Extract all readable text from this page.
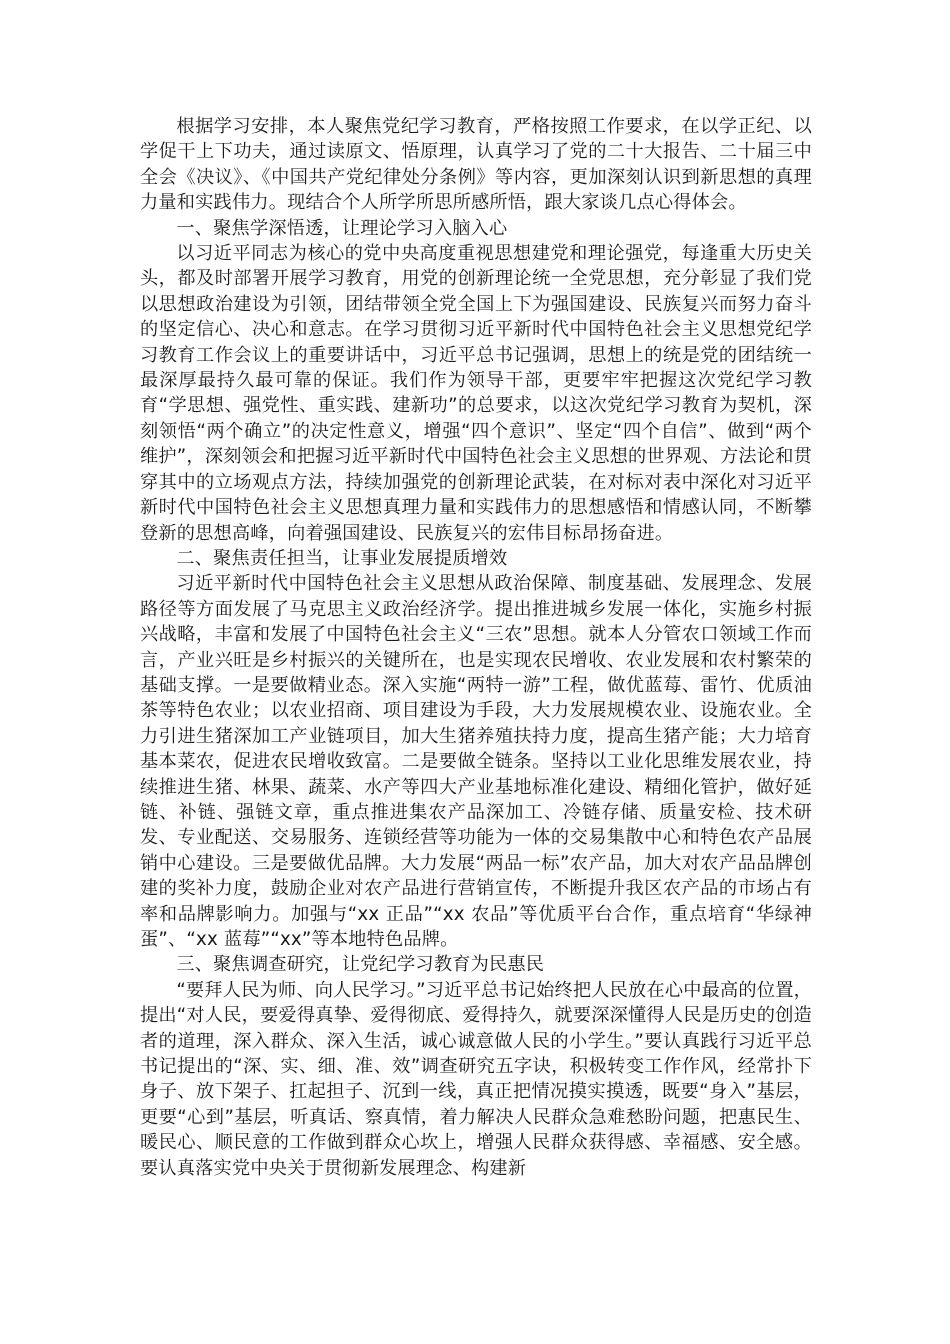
根据学习安排，本人聚焦党纪学习教育，严格按照工作要求，在以学正纪、以学促干上下功夫，通过读原文、悟原理，认真学习了党的二十大报告、二十届三中全会《决议》、《中国共产党纪律处分条例》等内容，更加深刻认识到新思想的真理力量和实践伟力。现结合个人所学所思所感所悟，跟大家谈几点心得体会。

一、聚焦学深悟透，让理论学习入脑入心

以习近平同志为核心的党中央高度重视思想建党和理论强党，每逢重大历史关头，都及时部署开展学习教育，用党的创新理论统一全党思想，充分彰显了我们党以思想政治建设为引领，团结带领全党全国上下为强国建设、民族复兴而努力奋斗的坚定信心、决心和意志。在学习贯彻习近平新时代中国特色社会主义思想党纪学习教育工作会议上的重要讲话中，习近平总书记强调，思想上的统是党的团结统一最深厚最持久最可靠的保证。我们作为领导干部，更要牢牢把握这次党纪学习教育“学思想、强党性、重实践、建新功”的总要求，以这次党纪学习教育为契机，深刻领悟“两个确立”的决定性意义，增强“四个意识”、坚定“四个自信”、做到“两个维护”，深刻领会和把握习近平新时代中国特色社会主义思想的世界观、方法论和贯穿其中的立场观点方法，持续加强党的创新理论武装，在对标对表中深化对习近平新时代中国特色社会主义思想真理力量和实践伟力的思想感悟和情感认同，不断攀登新的思想高峰，向着强国建设、民族复兴的宏伟目标昂扬奋进。

二、聚焦责任担当，让事业发展提质增效

习近平新时代中国特色社会主义思想从政治保障、制度基础、发展理念、发展路径等方面发展了马克思主义政治经济学。提出推进城乡发展一体化，实施乡村振兴战略，丰富和发展了中国特色社会主义“三农”思想。就本人分管农口领域工作而言，产业兴旺是乡村振兴的关键所在，也是实现农民增收、农业发展和农村繁荣的基础支撑。一是要做精业态。深入实施“两特一游”工程，做优蓝莓、雷竹、优质油茶等特色农业；以农业招商、项目建设为手段，大力发展规模农业、设施农业。全力引进生猪深加工产业链项目，加大生猪养殖扶持力度，提高生猪产能；大力培育基本菜农，促进农民增收致富。二是要做全链条。坚持以工业化思维发展农业，持续推进生猪、林果、蔬菜、水产等四大产业基地标准化建设、精细化管护，做好延链、补链、强链文章，重点推进集农产品深加工、冷链存储、质量安检、技术研发、专业配送、交易服务、连锁经营等功能为一体的交易集散中心和特色农产品展销中心建设。三是要做优品牌。大力发展“两品一标”农产品，加大对农产品品牌创建的奖补力度，鼓励企业对农产品进行营销宣传，不断提升我区农产品的市场占有率和品牌影响力。加强与“xx 正品”“xx 农品”等优质平台合作，重点培育“华绿神蛋”、“xx 蓝莓”“xx”等本地特色品牌。

三、聚焦调查研究，让党纪学习教育为民惠民

“要拜人民为师、向人民学习。”习近平总书记始终把人民放在心中最高的位置，提出“对人民，要爱得真挚、爱得彻底、爱得持久，就要深深懂得人民是历史的创造者的道理，深入群众、深入生活，诚心诚意做人民的小学生。”要认真践行习近平总书记提出的“深、实、细、准、效”调查研究五字诀，积极转变工作作风，经常扑下身子、放下架子、扛起担子、沉到一线，真正把情况摸实摸透，既要“身入”基层，更要“心到”基层，听真话、察真情，着力解决人民群众急难愁盼问题，把惠民生、暖民心、顺民意的工作做到群众心坎上，增强人民群众获得感、幸福感、安全感。要认真落实党中央关于贯彻新发展理念、构建新
